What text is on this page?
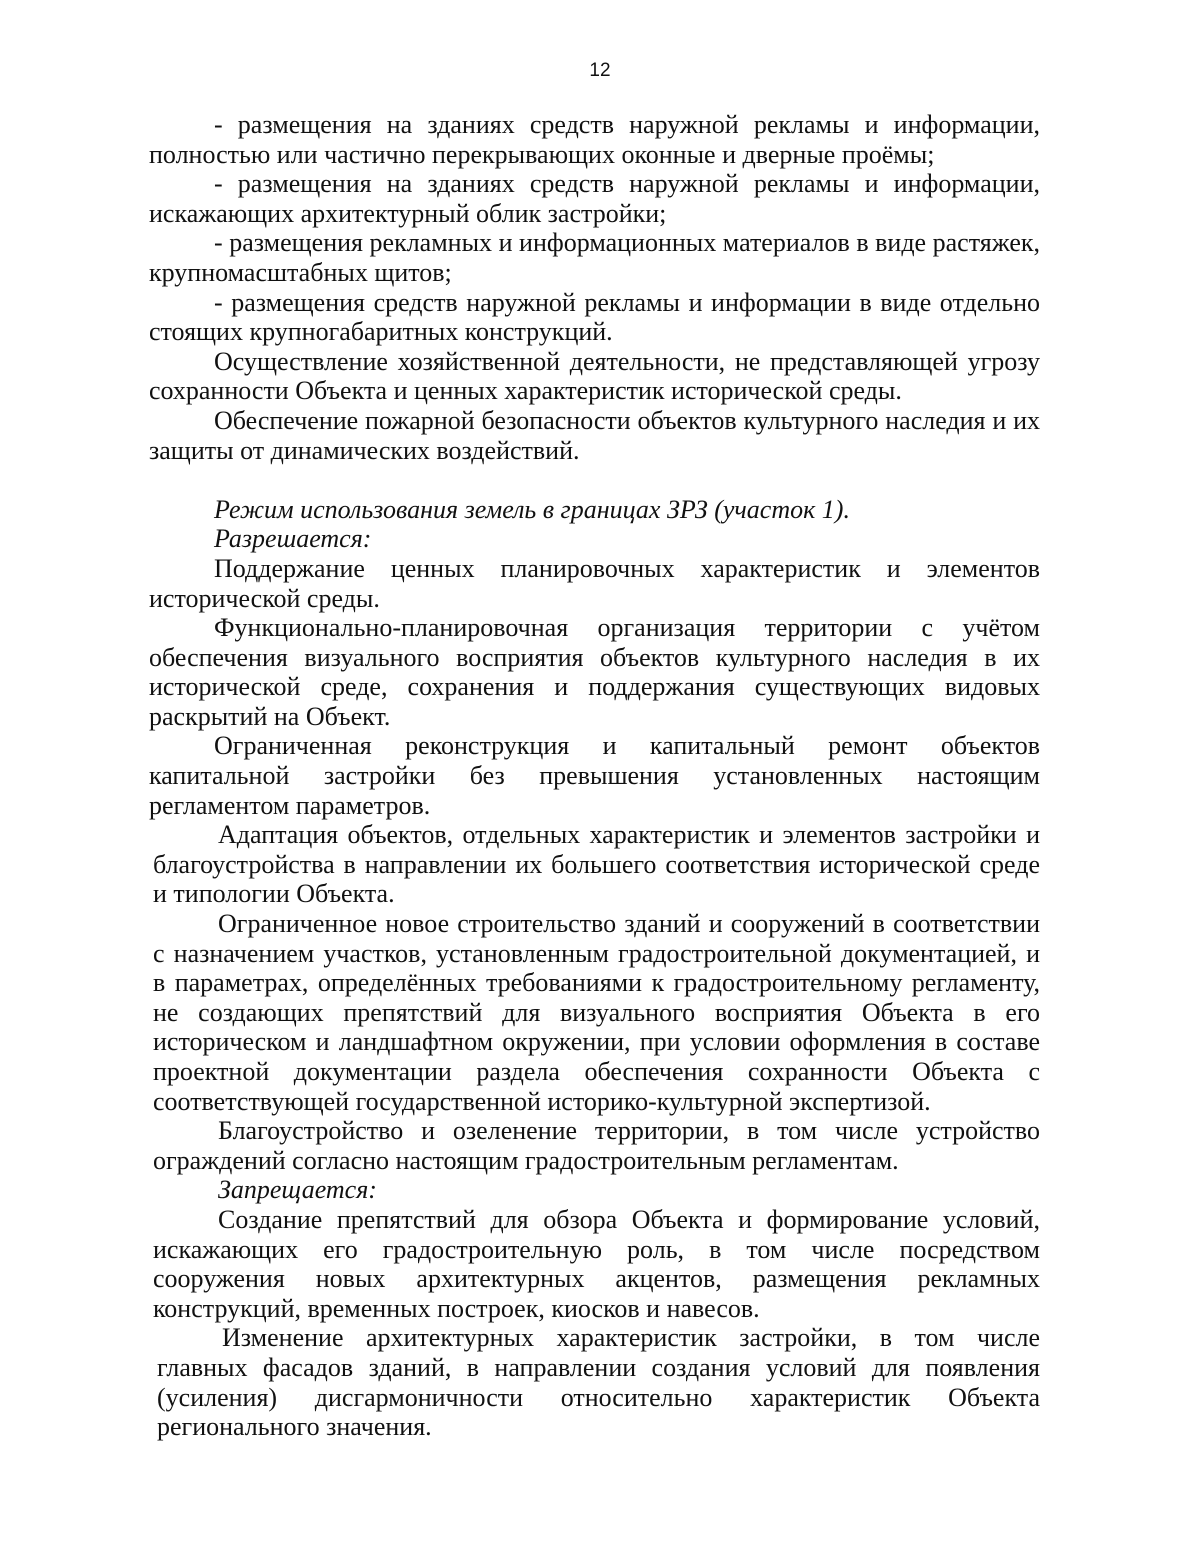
12

- размещения на зданиях средств наружной рекламы и информации, полностью или частично перекрывающих оконные и дверные проёмы;

- размещения на зданиях средств наружной рекламы и информации, искажающих архитектурный облик застройки;

- размещения рекламных и информационных материалов в виде растяжек, крупномасштабных щитов;

- размещения средств наружной рекламы и информации в виде отдельно стоящих крупногабаритных конструкций.

Осуществление хозяйственной деятельности, не представляющей угрозу сохранности Объекта и ценных характеристик исторической среды.

Обеспечение пожарной безопасности объектов культурного наследия и их защиты от динамических воздействий.

Режим использования земель в границах ЗРЗ (участок 1).

Разрешается:

Поддержание ценных планировочных характеристик и элементов исторической среды.

Функционально-планировочная организация территории с учётом обеспечения визуального восприятия объектов культурного наследия в их исторической среде, сохранения и поддержания существующих видовых раскрытий на Объект.

Ограниченная реконструкция и капитальный ремонт объектов капитальной застройки без превышения установленных настоящим регламентом параметров.

Адаптация объектов, отдельных характеристик и элементов застройки и благоустройства в направлении их большего соответствия исторической среде и типологии Объекта.

Ограниченное новое строительство зданий и сооружений в соответствии с назначением участков, установленным градостроительной документацией, и в параметрах, определённых требованиями к градостроительному регламенту, не создающих препятствий для визуального восприятия Объекта в его историческом и ландшафтном окружении, при условии оформления в составе проектной документации раздела обеспечения сохранности Объекта с соответствующей государственной историко-культурной экспертизой.

Благоустройство и озеленение территории, в том числе устройство ограждений согласно настоящим градостроительным регламентам.

Запрещается:

Создание препятствий для обзора Объекта и формирование условий, искажающих его градостроительную роль, в том числе посредством сооружения новых архитектурных акцентов, размещения рекламных конструкций, временных построек, киосков и навесов.

Изменение архитектурных характеристик застройки, в том числе главных фасадов зданий, в направлении создания условий для появления (усиления) дисгармоничности относительно характеристик Объекта регионального значения.
